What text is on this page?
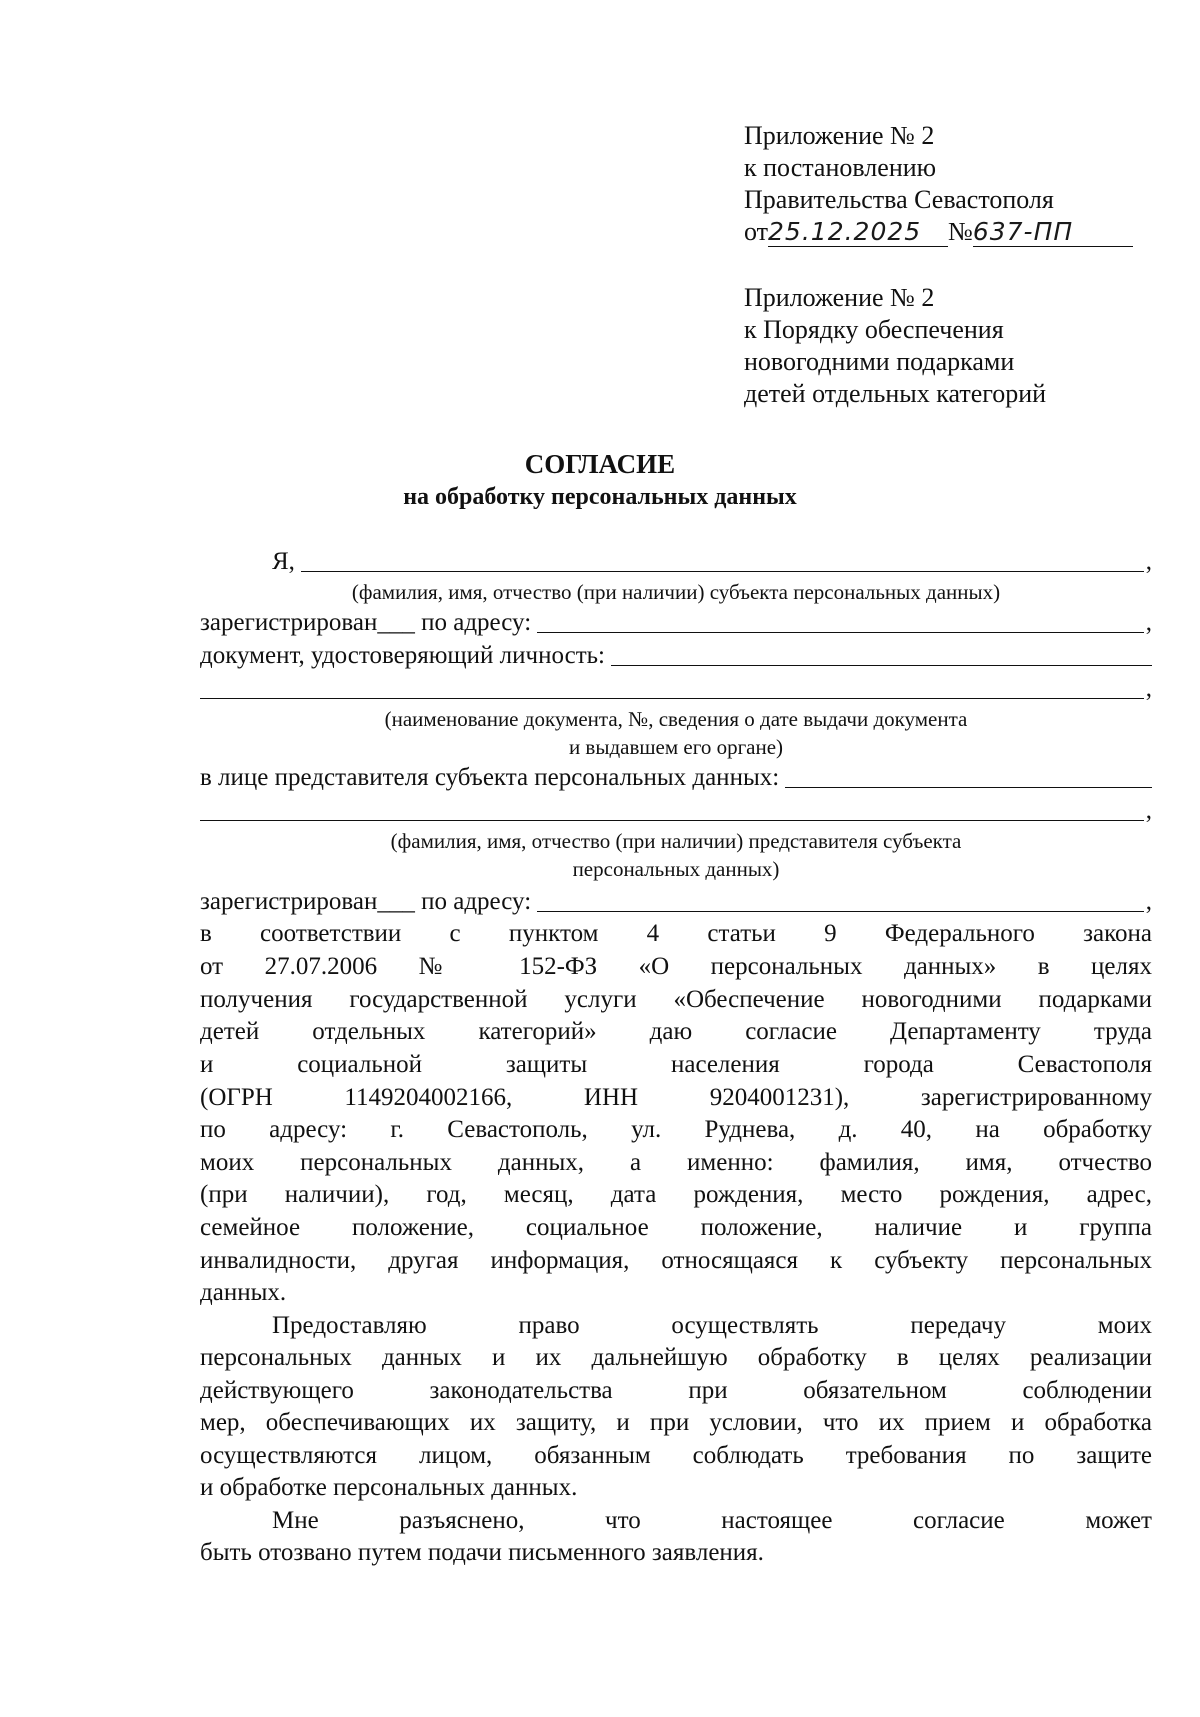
Приложение № 2
к постановлению
Правительства Севастополя
от25.12.2025 №637-ПП
Приложение № 2
к Порядку обеспечения
новогодними подарками
детей отдельных категорий
СОГЛАСИЕ
на обработку персональных данных
Я,	,
(фамилия, имя, отчество (при наличии) субъекта персональных данных)
зарегистрирован___ по адресу:	,
документ, удостоверяющий личность:
,
(наименование документа, №, сведения о дате выдачи документа
и выдавшем его органе)
в лице представителя субъекта персональных данных:
,
(фамилия, имя, отчество (при наличии) представителя субъекта
персональных данных)
зарегистрирован___ по адресу:	,
в соответствии с пунктом 4 статьи 9 Федерального закона
от 27.07.2006 № 152-ФЗ «О персональных данных» в целях
получения государственной услуги «Обеспечение новогодними подарками
детей отдельных категорий» даю согласие Департаменту труда
и социальной защиты населения города Севастополя
(ОГРН 1149204002166, ИНН 9204001231), зарегистрированному
по адресу: г. Севастополь, ул. Руднева, д. 40, на обработку
моих персональных данных, а именно: фамилия, имя, отчество
(при наличии), год, месяц, дата рождения, место рождения, адрес,
семейное положение, социальное положение, наличие и группа
инвалидности, другая информация, относящаяся к субъекту персональных
данных.
Предоставляю право осуществлять передачу моих
персональных данных и их дальнейшую обработку в целях реализации
действующего законодательства при обязательном соблюдении
мер, обеспечивающих их защиту, и при условии, что их прием и обработка
осуществляются лицом, обязанным соблюдать требования по защите
и обработке персональных данных.
Мне разъяснено, что настоящее согласие может
быть отозвано путем подачи письменного заявления.
